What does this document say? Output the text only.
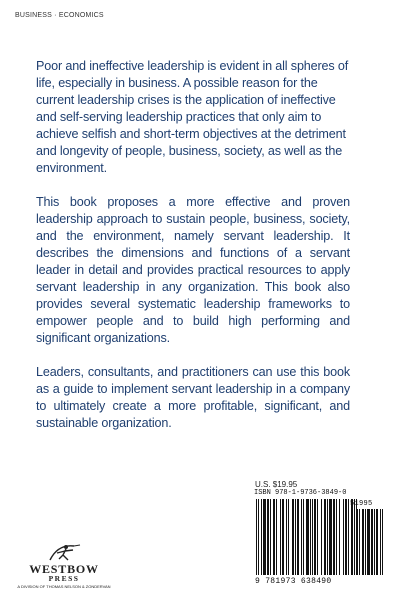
BUSINESS · ECONOMICS

Poor and ineffective leadership is evident in all spheres of life, especially in business. A possible reason for the current leadership crises is the application of ineffective and self-serving leadership practices that only aim to achieve selfish and short-term objectives at the detriment and longevity of people, business, society, as well as the environment.

This book proposes a more effective and proven leadership approach to sustain people, business, society, and the environment, namely servant leadership. It describes the dimensions and functions of a servant leader in detail and provides practical resources to apply servant leadership in any organization. This book also provides several systematic leadership frameworks to empower people and to build high performing and significant organizations.

Leaders, consultants, and practitioners can use this book as a guide to implement servant leadership in a company to ultimately create a more profitable, significant, and sustainable organization.

WESTBOW
PRESS
A DIVISION OF THOMAS NELSON & ZONDERVAN
U.S. $19.95
ISBN 978-1-9736-3849-0
51995
9 781973 638490
